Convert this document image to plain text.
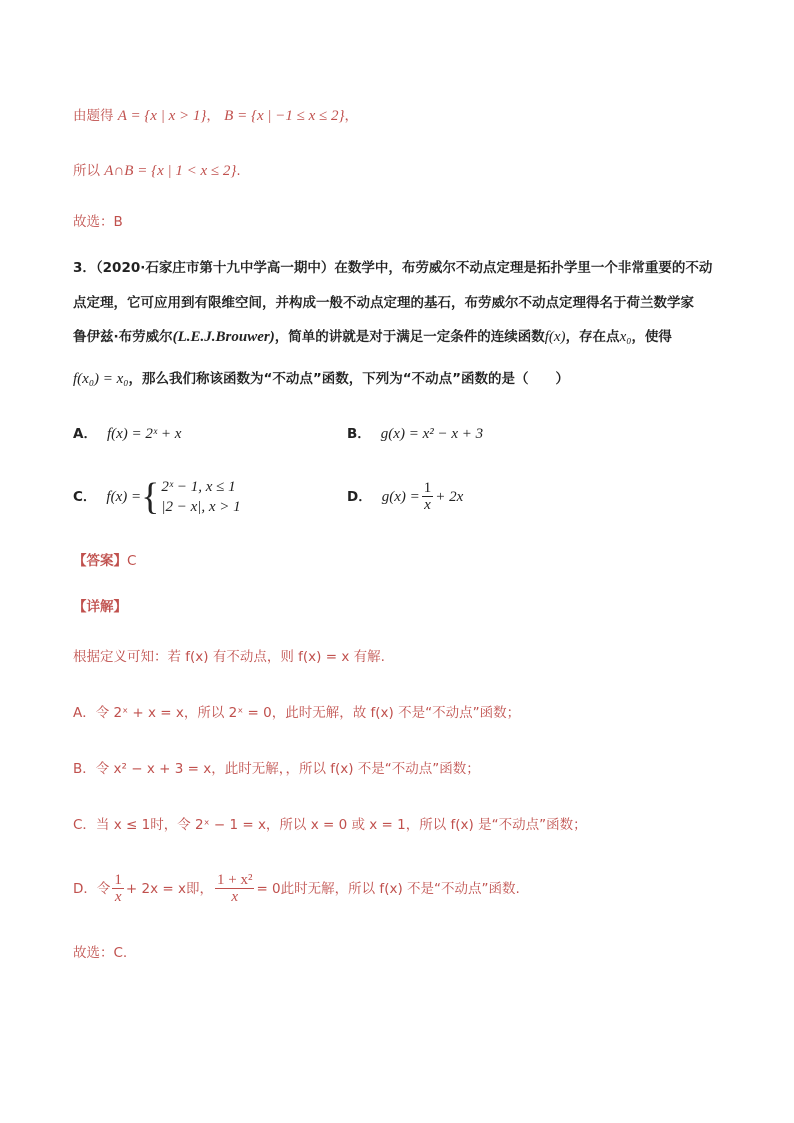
由题得 A = {x | x > 1}， B = {x | −1 ≤ x ≤ 2}，
所以 A∩B = {x | 1 < x ≤ 2}.
故选：B
3．（2020·石家庄市第十九中学高一期中）在数学中，布劳威尔不动点定理是拓扑学里一个非常重要的不动
点定理，它可应用到有限维空间，并构成一般不动点定理的基石，布劳威尔不动点定理得名于荷兰数学家
鲁伊兹·布劳威尔(L.E.J.Brouwer)，简单的讲就是对于满足一定条件的连续函数f(x)，存在点x₀，使得
f(x₀) = x₀，那么我们称该函数为“不动点”函数，下列为“不动点”函数的是（　　）
A． f(x) = 2ˣ + x	B． g(x) = x² − x + 3
C． f(x) = { 2ˣ − 1, x ≤ 1
|2 − x|, x > 1
D． $g(x) = \frac{1}{x} + 2x$
【答案】C
【详解】
根据定义可知：若 f(x) 有不动点，则 f(x) = x 有解.
A．令 2ˣ + x = x，所以 2ˣ = 0，此时无解，故 f(x) 不是“不动点”函数；
B．令 x² − x + 3 = x，此时无解，，所以 f(x) 不是“不动点”函数；
C．当 x ≤ 1时，令 2ˣ − 1 = x，所以 x = 0 或 x = 1，所以 f(x) 是“不动点”函数；
D．令 $\frac{1}{x} + 2x = x$即， $\frac{\text{1 + x²}}{x} = 0$此时无解，所以 f(x) 不是“不动点”函数.
故选：C.
